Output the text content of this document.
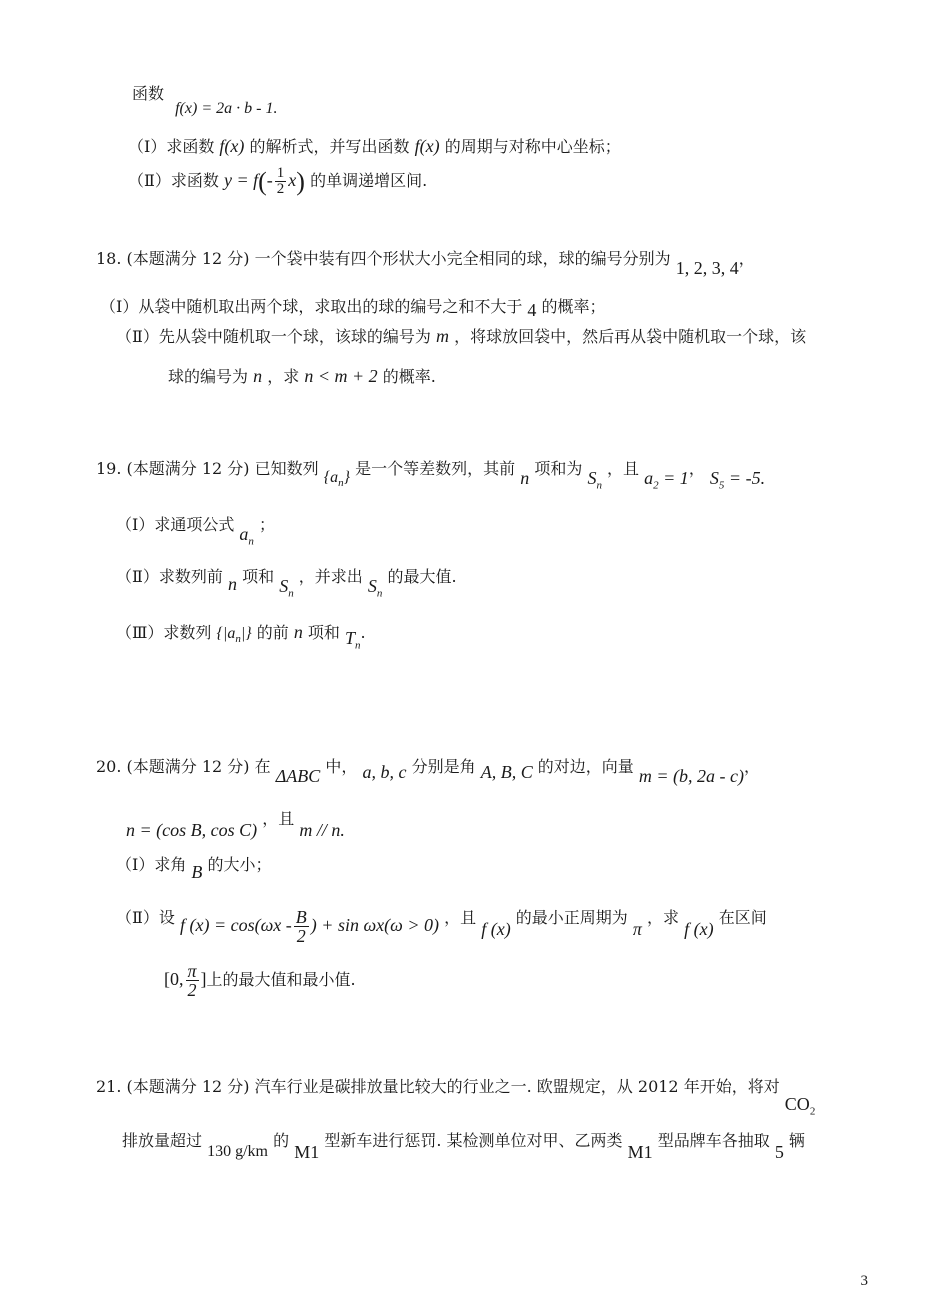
函数 f(x) = 2a · b - 1.
（Ⅰ）求函数 f(x) 的解析式，并写出函数 f(x) 的周期与对称中心坐标；
（Ⅱ）求函数 $y = f(- \frac{1}{2} x)$ 的单调递增区间.
18. (本题满分 12 分) 一个袋中装有四个形状大小完全相同的球，球的编号分别为 1, 2, 3, 4，
（Ⅰ）从袋中随机取出两个球，求取出的球的编号之和不大于 4 的概率；
（Ⅱ）先从袋中随机取一个球，该球的编号为 m ，将球放回袋中，然后再从袋中随机取一个球，该
球的编号为 n ，求 n < m + 2 的概率.
19. (本题满分 12 分) 已知数列 $\{a_n\}$ 是一个等差数列，其前 n 项和为 $S_n$ ，且 $a_2 = 1$， $S_5 = -5$.
（Ⅰ）求通项公式 $a_n$ ；
（Ⅱ）求数列前 n 项和 $S_n$ ，并求出 $S_n$ 的最大值.
（Ⅲ）求数列 $\{|a_n|\}$ 的前 n 项和 $T_n$.
20. (本题满分 12 分) 在 ΔABC 中， a, b, c 分别是角 A, B, C 的对边，向量 m = (b, 2a - c)，
n = (cos B, cos C) ，且 m // n.
（Ⅰ）求角 B 的大小；
（Ⅱ）设 f $(x) = \cos(\omega x - \frac{B}{2}$ ) + sin ωx(ω > 0) ，且 f (x) 的最小正周期为 π ，求 f (x) 在区间
[0, $\frac{\pi}{2}$ ]上的最大值和最小值.
21. (本题满分 12 分) 汽车行业是碳排放量比较大的行业之一. 欧盟规定，从 2012 年开始，将对 $CO_2$
排放量超过 130 g/km 的 M1 型新车进行惩罚. 某检测单位对甲、乙两类 M1 型品牌车各抽取 5 辆
3
